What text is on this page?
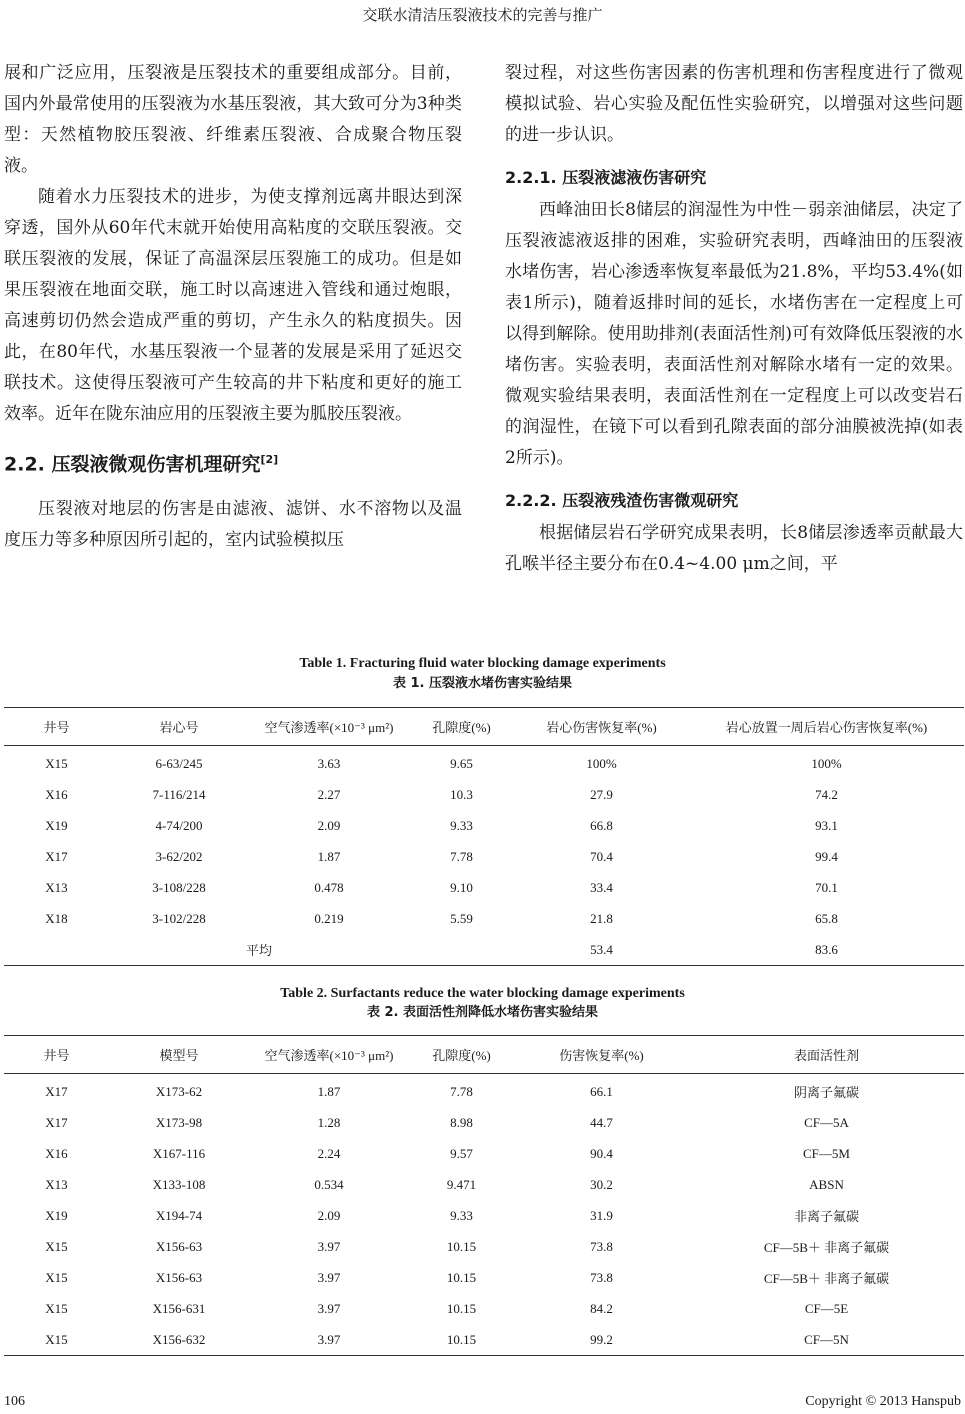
交联水清洁压裂液技术的完善与推广

展和广泛应用，压裂液是压裂技术的重要组成部分。目前，国内外最常使用的压裂液为水基压裂液，其大致可分为3种类型：天然植物胶压裂液、纤维素压裂液、合成聚合物压裂液。

随着水力压裂技术的进步，为使支撑剂远离井眼达到深穿透，国外从60年代末就开始使用高粘度的交联压裂液。交联压裂液的发展，保证了高温深层压裂施工的成功。但是如果压裂液在地面交联，施工时以高速进入管线和通过炮眼，高速剪切仍然会造成严重的剪切，产生永久的粘度损失。因此，在80年代，水基压裂液一个显著的发展是采用了延迟交联技术。这使得压裂液可产生较高的井下粘度和更好的施工效率。近年在陇东油应用的压裂液主要为胍胶压裂液。

2.2. 压裂液微观伤害机理研究[2]

压裂液对地层的伤害是由滤液、滤饼、水不溶物以及温度压力等多种原因所引起的，室内试验模拟压

裂过程，对这些伤害因素的伤害机理和伤害程度进行了微观模拟试验、岩心实验及配伍性实验研究，以增强对这些问题的进一步认识。

2.2.1. 压裂液滤液伤害研究

西峰油田长8储层的润湿性为中性－弱亲油储层，决定了压裂液滤液返排的困难，实验研究表明，西峰油田的压裂液水堵伤害，岩心渗透率恢复率最低为21.8%，平均53.4%(如表1所示)，随着返排时间的延长，水堵伤害在一定程度上可以得到解除。使用助排剂(表面活性剂)可有效降低压裂液的水堵伤害。实验表明，表面活性剂对解除水堵有一定的效果。微观实验结果表明，表面活性剂在一定程度上可以改变岩石的润湿性，在镜下可以看到孔隙表面的部分油膜被洗掉(如表2所示)。

2.2.2. 压裂液残渣伤害微观研究

根据储层岩石学研究成果表明，长8储层渗透率贡献最大孔喉半径主要分布在0.4~4.00 μm之间，平

Table 1. Fracturing fluid water blocking damage experiments
表 1. 压裂液水堵伤害实验结果
井号	岩心号	空气渗透率(×10⁻³ μm²)	孔隙度(%)	岩心伤害恢复率(%)	岩心放置一周后岩心伤害恢复率(%)
X15	6-63/245	3.63	9.65	100%	100%
X16	7-116/214	2.27	10.3	27.9	74.2
X19	4-74/200	2.09	9.33	66.8	93.1
X17	3-62/202	1.87	7.78	70.4	99.4
X13	3-108/228	0.478	9.10	33.4	70.1
X18	3-102/228	0.219	5.59	21.8	65.8
平均				53.4	83.6
Table 2. Surfactants reduce the water blocking damage experiments
表 2. 表面活性剂降低水堵伤害实验结果
井号	模型号	空气渗透率(×10⁻³ μm²)	孔隙度(%)	伤害恢复率(%)	表面活性剂
X17	X173-62	1.87	7.78	66.1	阴离子氟碳
X17	X173-98	1.28	8.98	44.7	CF—5A
X16	X167-116	2.24	9.57	90.4	CF—5M
X13	X133-108	0.534	9.471	30.2	ABSN
X19	X194-74	2.09	9.33	31.9	非离子氟碳
X15	X156-63	3.97	10.15	73.8	CF—5B＋ 非离子氟碳
X15	X156-63	3.97	10.15	73.8	CF—5B＋ 非离子氟碳
X15	X156-631	3.97	10.15	84.2	CF—5E
X15	X156-632	3.97	10.15	99.2	CF—5N
106	Copyright © 2013 Hanspub
